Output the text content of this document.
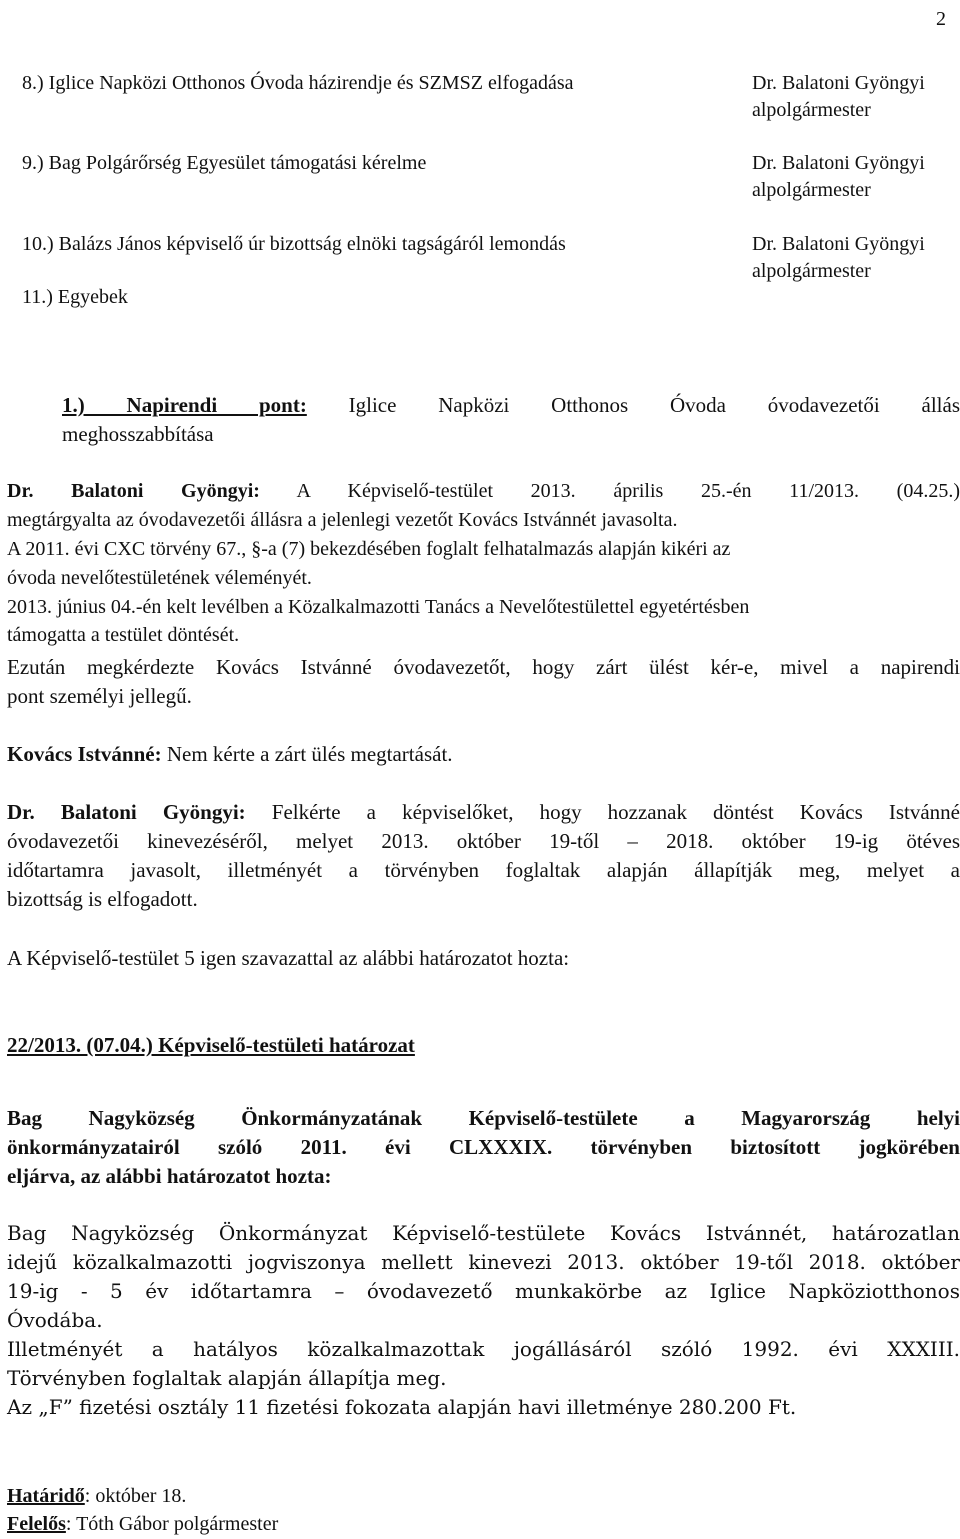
2
8.) Iglice Napközi Otthonos Óvoda házirendje és SZMSZ elfogadása	Dr. Balatoni Gyöngyi
alpolgármester
9.) Bag Polgárőrség Egyesület támogatási kérelme	Dr. Balatoni Gyöngyi
alpolgármester
10.) Balázs János képviselő úr bizottság elnöki tagságáról lemondás	Dr. Balatoni Gyöngyi
alpolgármester
11.) Egyebek
1.) Napirendi pont: Iglice Napközi Otthonos Óvoda óvodavezetői állás
meghosszabbítása
Dr. Balatoni Gyöngyi: A Képviselő-testület 2013. április 25.-én 11/2013. (04.25.)
megtárgyalta az óvodavezetői állásra a jelenlegi vezetőt Kovács Istvánnét javasolta.
A 2011. évi CXC törvény 67., §-a (7) bekezdésében foglalt felhatalmazás alapján kikéri az
óvoda nevelőtestületének véleményét.
2013. június 04.-én kelt levélben a Közalkalmazotti Tanács a Nevelőtestülettel egyetértésben
támogatta a testület döntését.
Ezután megkérdezte Kovács Istvánné óvodavezetőt, hogy zárt ülést kér-e, mivel a napirendi
pont személyi jellegű.
Kovács Istvánné: Nem kérte a zárt ülés megtartását.
Dr. Balatoni Gyöngyi: Felkérte a képviselőket, hogy hozzanak döntést Kovács Istvánné
óvodavezetői kinevezéséről, melyet 2013. október 19-től – 2018. október 19-ig ötéves
időtartamra javasolt, illetményét a törvényben foglaltak alapján állapítják meg, melyet a
bizottság is elfogadott.
A Képviselő-testület 5 igen szavazattal az alábbi határozatot hozta:
22/2013. (07.04.) Képviselő-testületi határozat
Bag Nagyközség Önkormányzatának Képviselő-testülete a Magyarország helyi
önkormányzatairól szóló 2011. évi CLXXXIX. törvényben biztosított jogkörében
eljárva, az alábbi határozatot hozta:
Bag Nagyközség Önkormányzat Képviselő-testülete Kovács Istvánnét, határozatlan
idejű közalkalmazotti jogviszonya mellett kinevezi 2013. október 19-től 2018. október
19-ig - 5 év időtartamra – óvodavezető munkakörbe az Iglice Napköziotthonos
Óvodába.
Illetményét a hatályos közalkalmazottak jogállásáról szóló 1992. évi XXXIII.
Törvényben foglaltak alapján állapítja meg.
Az „F” fizetési osztály 11 fizetési fokozata alapján havi illetménye 280.200 Ft.
Határidő: október 18.
Felelős: Tóth Gábor polgármester
